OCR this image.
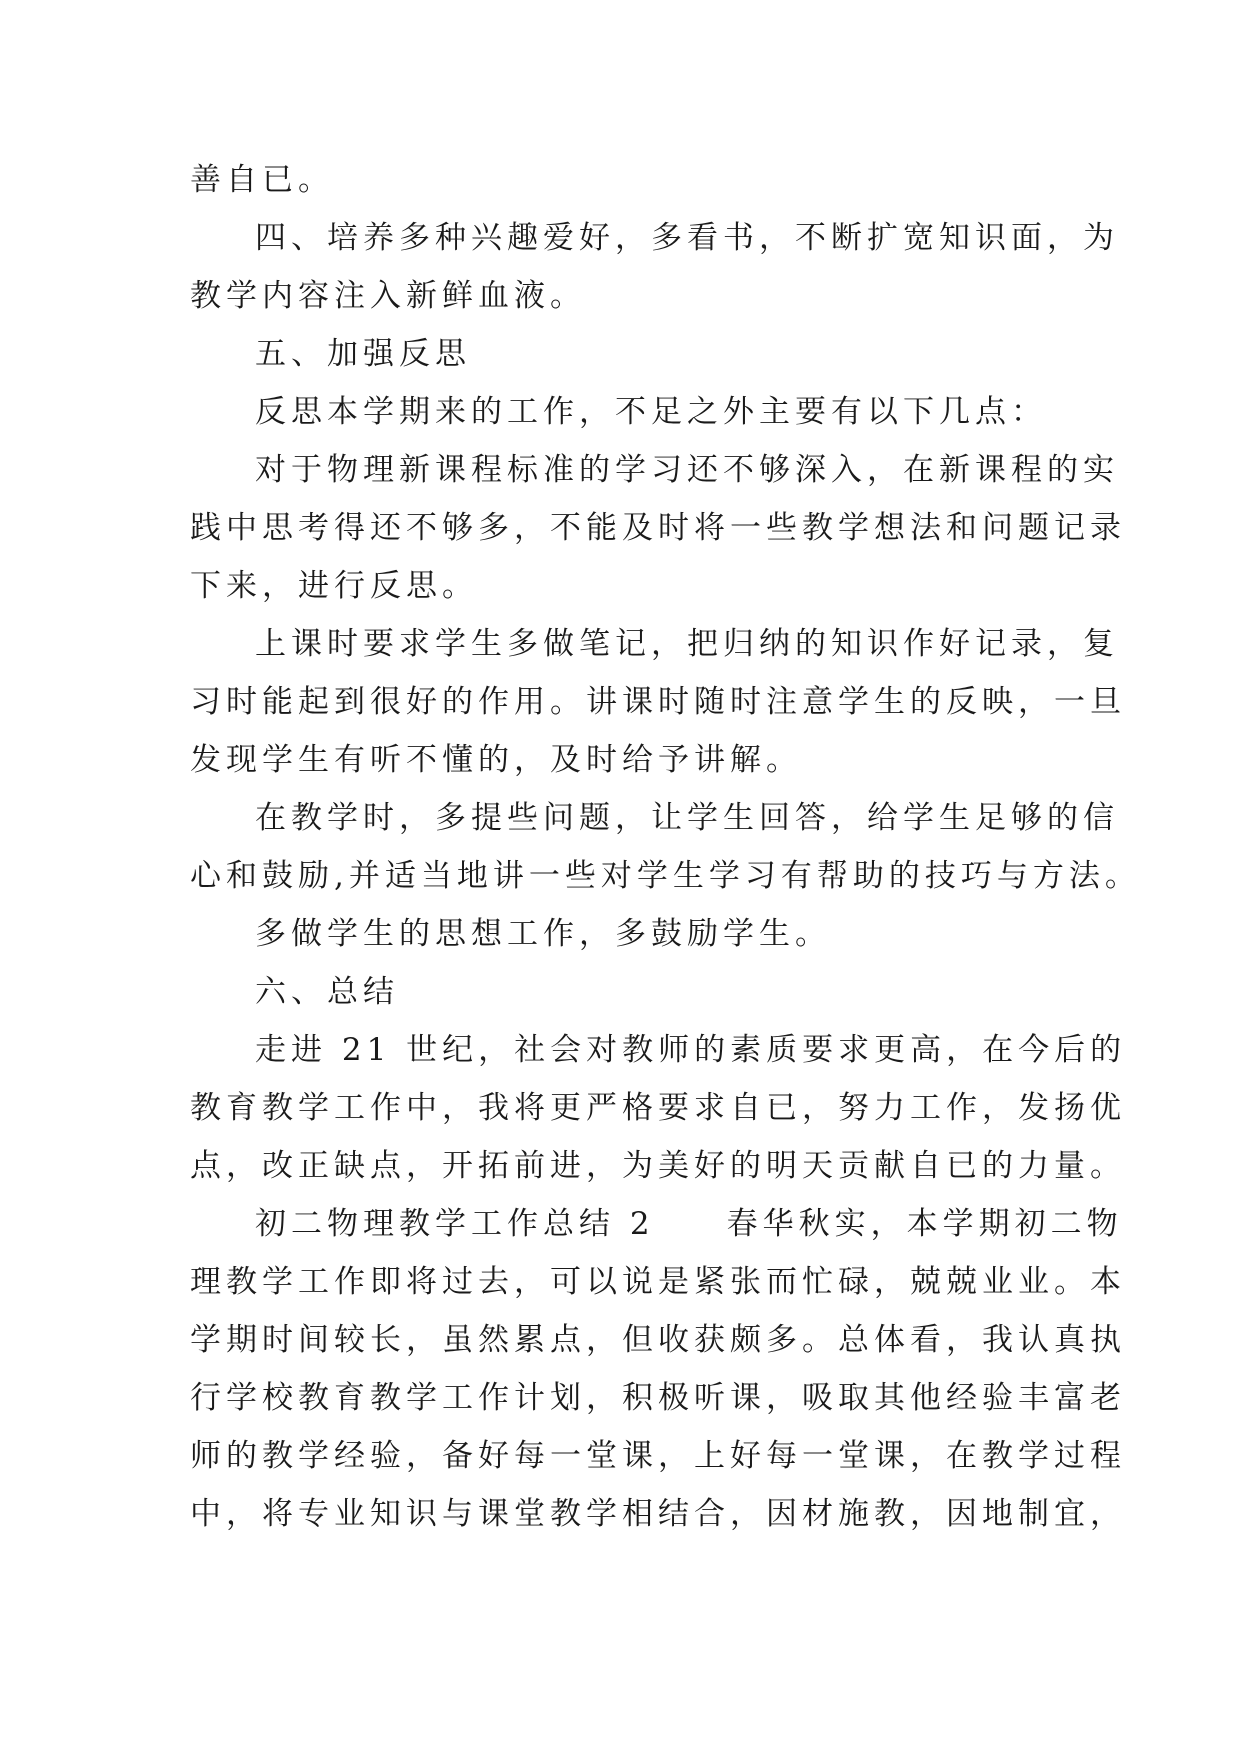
善自已。
四、培养多种兴趣爱好，多看书，不断扩宽知识面，为
教学内容注入新鲜血液。
五、加强反思
反思本学期来的工作，不足之外主要有以下几点：
对于物理新课程标准的学习还不够深入，在新课程的实
践中思考得还不够多，不能及时将一些教学想法和问题记录
下来，进行反思。
上课时要求学生多做笔记，把归纳的知识作好记录，复
习时能起到很好的作用。讲课时随时注意学生的反映，一旦
发现学生有听不懂的，及时给予讲解。
在教学时，多提些问题，让学生回答，给学生足够的信
心和鼓励,并适当地讲一些对学生学习有帮助的技巧与方法。
多做学生的思想工作，多鼓励学生。
六、总结
走进 21 世纪，社会对教师的素质要求更高，在今后的
教育教学工作中，我将更严格要求自已，努力工作，发扬优
点，改正缺点，开拓前进，为美好的明天贡献自已的力量。
初二物理教学工作总结 2　　春华秋实，本学期初二物
理教学工作即将过去，可以说是紧张而忙碌，兢兢业业。本
学期时间较长，虽然累点，但收获颇多。总体看，我认真执
行学校教育教学工作计划，积极听课，吸取其他经验丰富老
师的教学经验，备好每一堂课，上好每一堂课，在教学过程
中，将专业知识与课堂教学相结合，因材施教，因地制宜，
